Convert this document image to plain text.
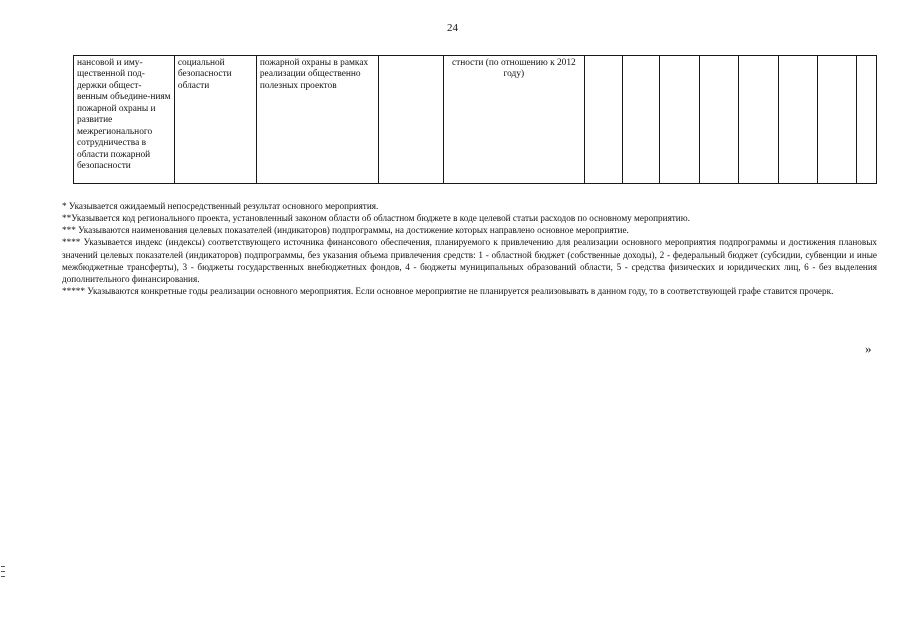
24
нансовой и иму-щественной под-держки общест-венным объедине-ниям пожарной охраны и развитие межрегионального сотрудничества в области пожарной безопасности	социальной безопасности области	пожарной охраны в рамках реализации общественно полезных проектов		стности (по отношению к 2012 году)								

* Указывается ожидаемый непосредственный результат основного мероприятия.

**Указывается код регионального проекта, установленный законом области об областном бюджете в коде целевой статьи расходов по основному мероприятию.

*** Указываются наименования целевых показателей (индикаторов) подпрограммы, на достижение которых направлено основное мероприятие.

**** Указывается индекс (индексы) соответствующего источника финансового обеспечения, планируемого к привлечению для реализации основного мероприятия подпрограммы и достижения плановых значений целевых показателей (индикаторов) подпрограммы, без указания объема привлечения средств: 1 - областной бюджет (собственные доходы), 2 - федеральный бюджет (субсидии, субвенции и иные межбюджетные трансферты), 3 - бюджеты государственных внебюджетных фондов, 4 - бюджеты муниципальных образований области, 5 - средства физических и юридических лиц, 6 - без выделения дополнительного финансирования.

***** Указываются конкретные годы реализации основного мероприятия. Если основное мероприятие не планируется реализовывать в данном году, то в соответствующей графе ставится прочерк.

»
